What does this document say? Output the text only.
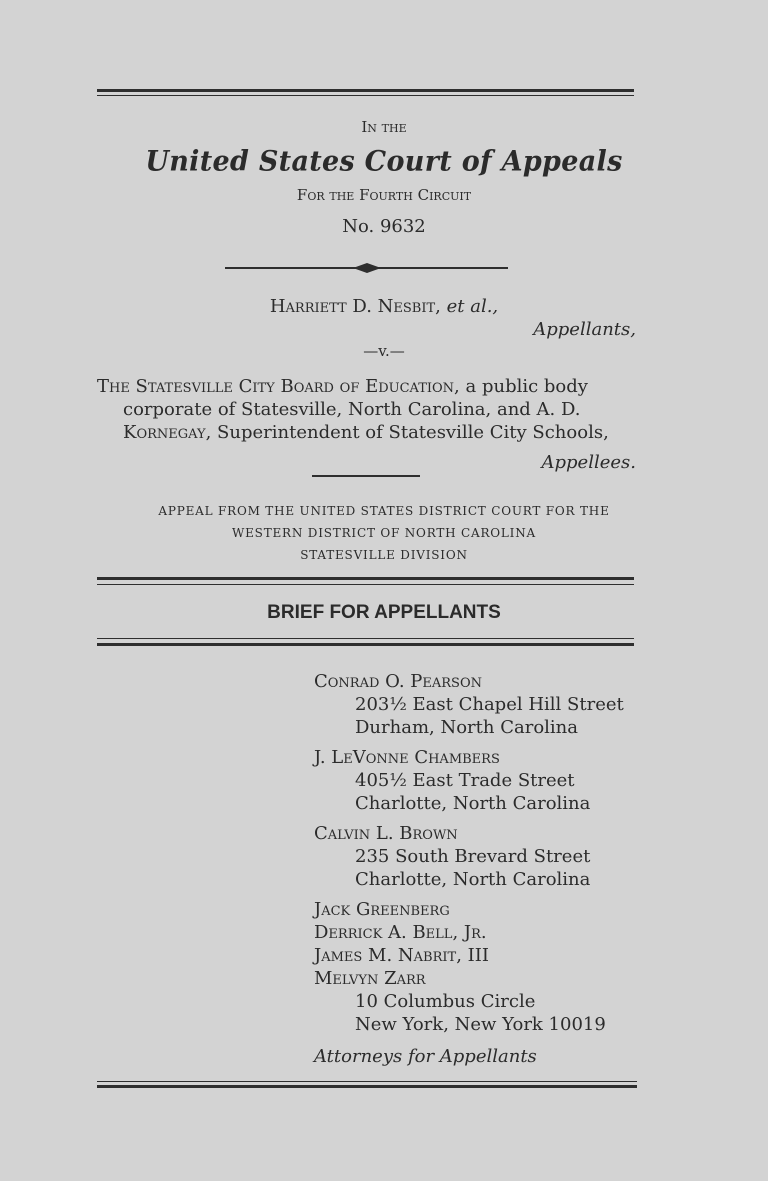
In the
United States Court of Appeals
For the Fourth Circuit
No. 9632
Harriett D. Nesbit, et al.,
Appellants,
—v.—
The Statesville City Board of Education, a public body
corporate of Statesville, North Carolina, and A. D.
Kornegay, Superintendent of Statesville City Schools,
Appellees.
APPEAL FROM THE UNITED STATES DISTRICT COURT FOR THE
WESTERN DISTRICT OF NORTH CAROLINA
STATESVILLE DIVISION
BRIEF FOR APPELLANTS
Conrad O. Pearson
203½ East Chapel Hill Street
Durham, North Carolina
J. LeVonne Chambers
405½ East Trade Street
Charlotte, North Carolina
Calvin L. Brown
235 South Brevard Street
Charlotte, North Carolina
Jack Greenberg
Derrick A. Bell, Jr.
James M. Nabrit, III
Melvyn Zarr
10 Columbus Circle
New York, New York 10019
Attorneys for Appellants
